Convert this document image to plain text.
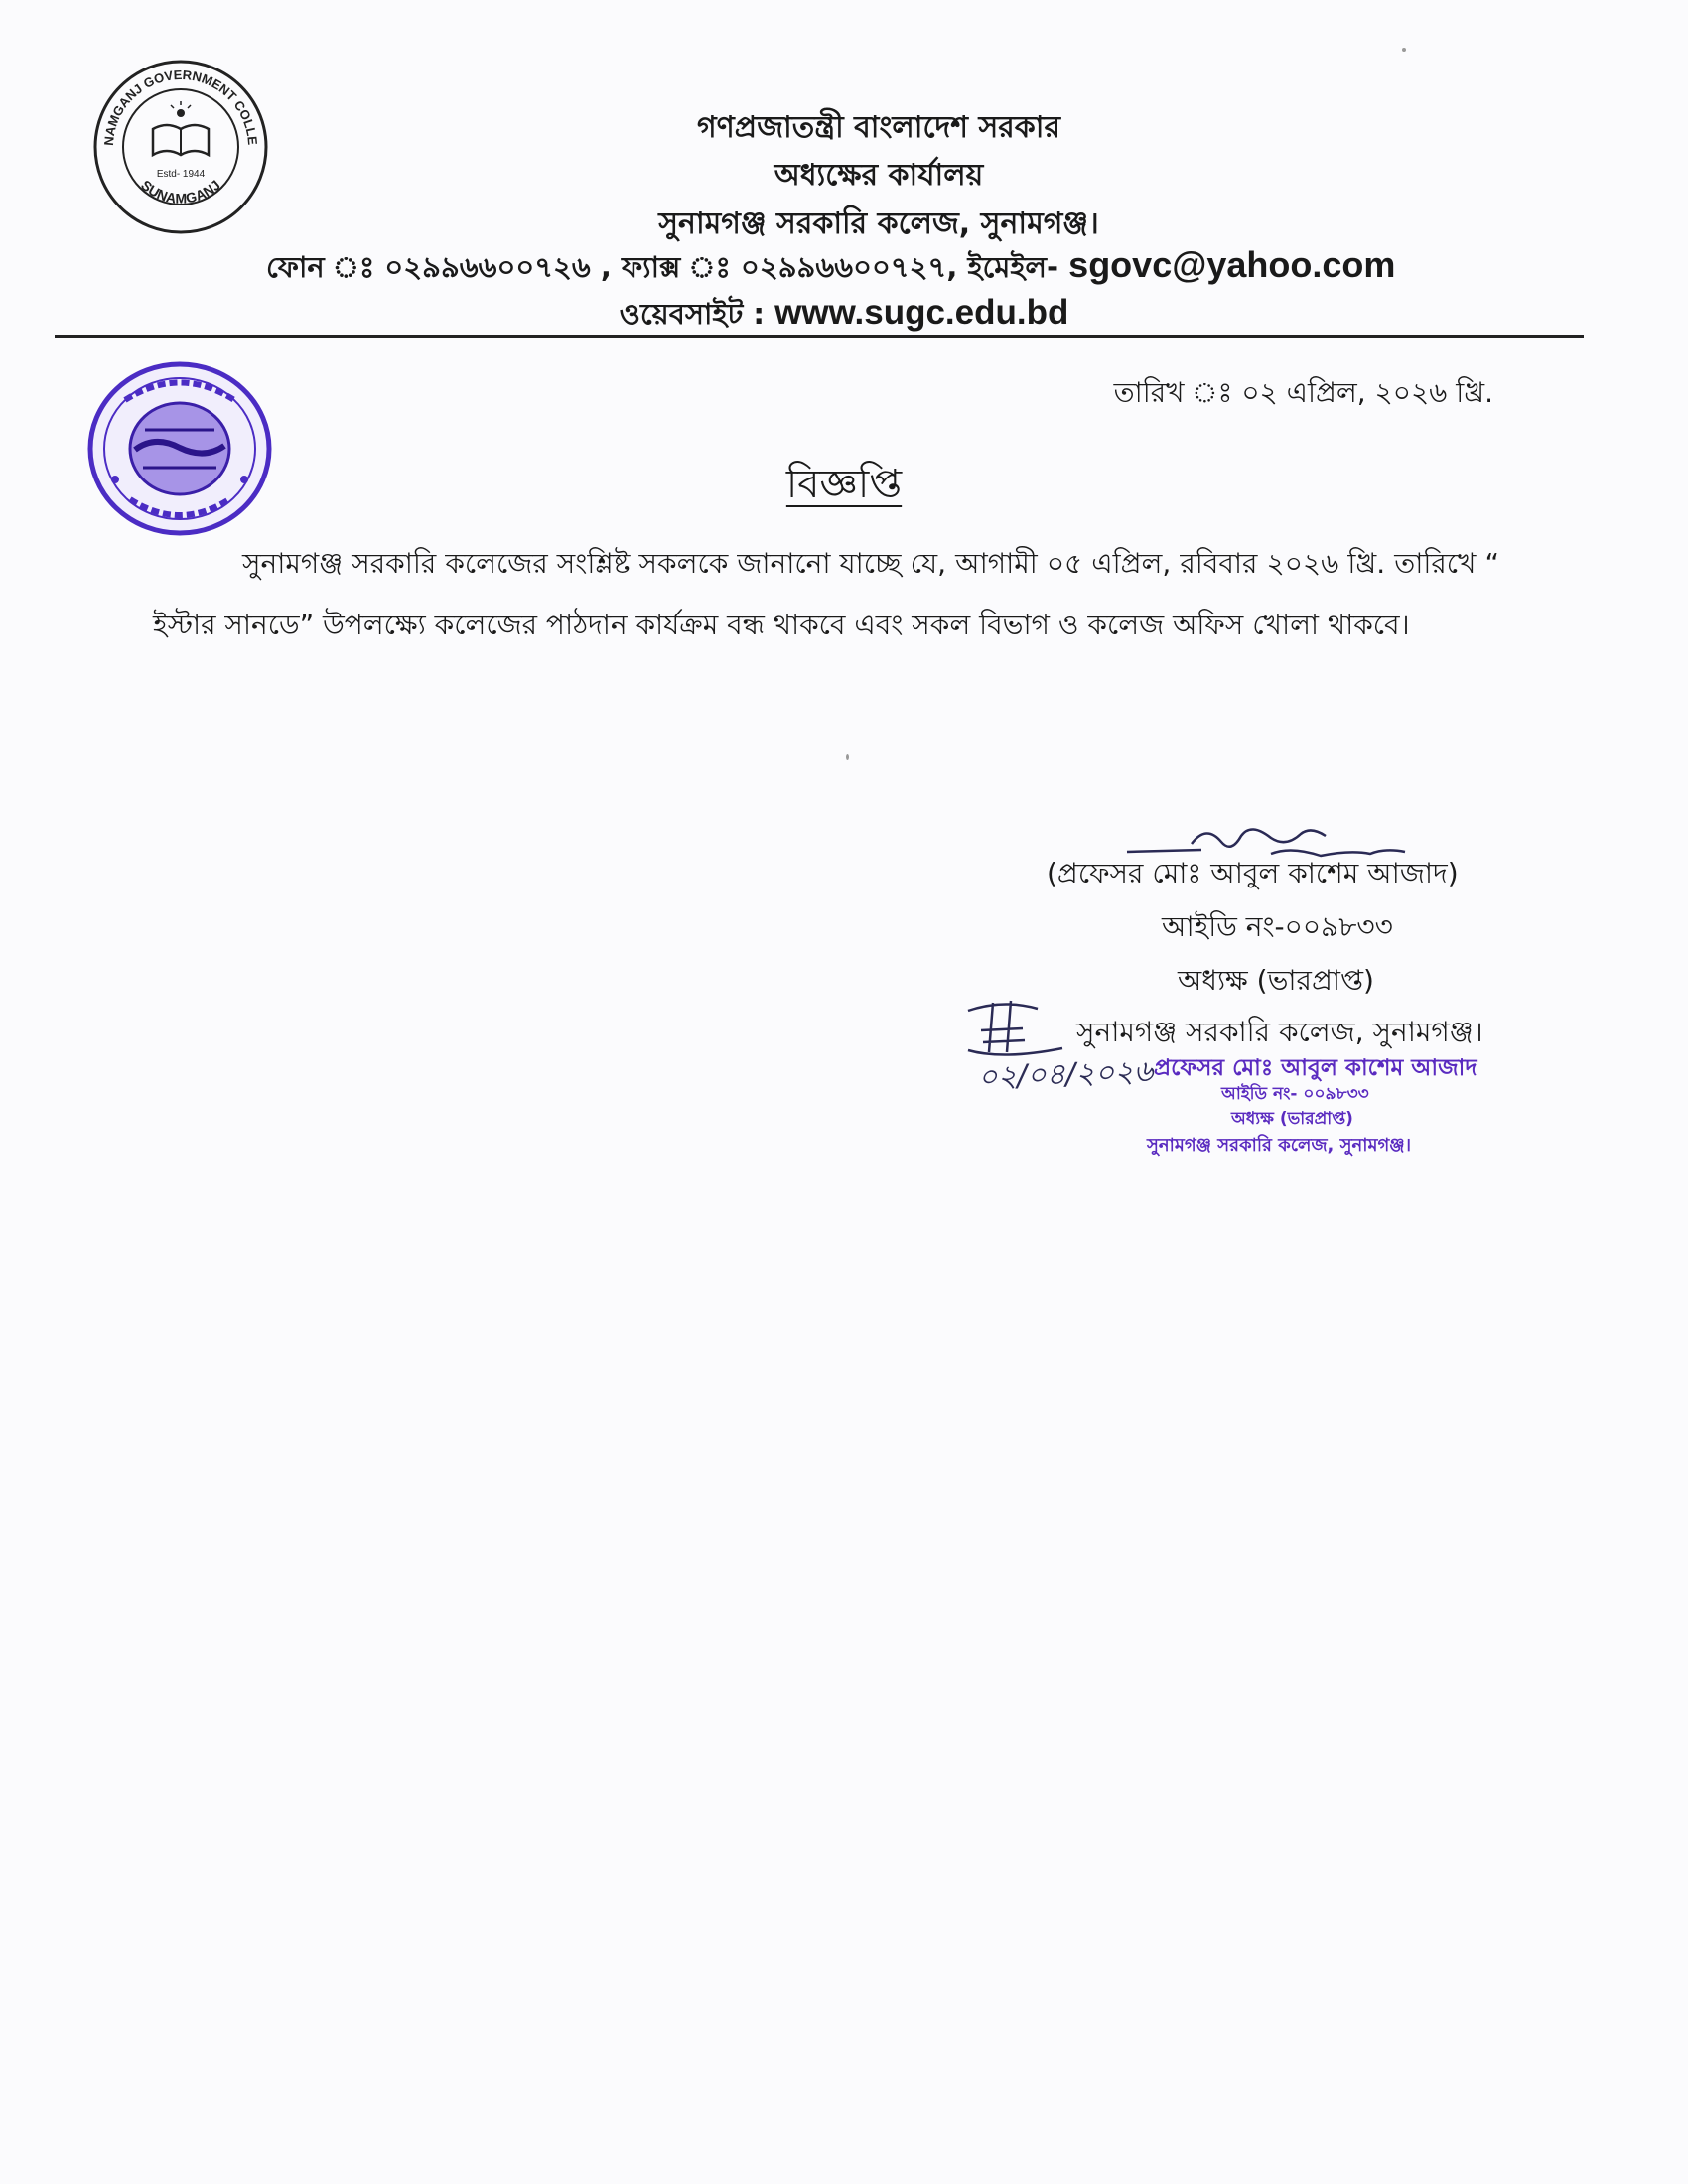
NAMGANJ GOVERNMENT COLLE
SUNAMGANJ
Estd- 1944
গণপ্রজাতন্ত্রী বাংলাদেশ সরকার
অধ্যক্ষের কার্যালয়
সুনামগঞ্জ সরকারি কলেজ, সুনামগঞ্জ।
ফোন ঃ ০২৯৯৬৬০০৭২৬ , ফ্যাক্স ঃ ০২৯৯৬৬০০৭২৭, ইমেইল- sgovc@yahoo.com
ওয়েবসাইট : www.sugc.edu.bd
তারিখ ঃ ০২ এপ্রিল, ২০২৬ খ্রি.
বিজ্ঞপ্তি
সুনামগঞ্জ সরকারি কলেজের সংশ্লিষ্ট সকলকে জানানো যাচ্ছে যে, আগামী ০৫ এপ্রিল, রবিবার ২০২৬ খ্রি. তারিখে “ ইস্টার সানডে” উপলক্ষ্যে কলেজের পাঠদান কার্যক্রম বন্ধ থাকবে এবং সকল বিভাগ ও কলেজ অফিস খোলা থাকবে।
(প্রফেসর মোঃ আবুল কাশেম আজাদ)
আইডি নং-০০৯৮৩৩
অধ্যক্ষ (ভারপ্রাপ্ত)
সুনামগঞ্জ সরকারি কলেজ, সুনামগঞ্জ।
০২/০৪/২০২৬ প্রফেসর মোঃ আবুল কাশেম আজাদ
আইডি নং- ০০৯৮৩৩
অধ্যক্ষ (ভারপ্রাপ্ত)
সুনামগঞ্জ সরকারি কলেজ, সুনামগঞ্জ।
